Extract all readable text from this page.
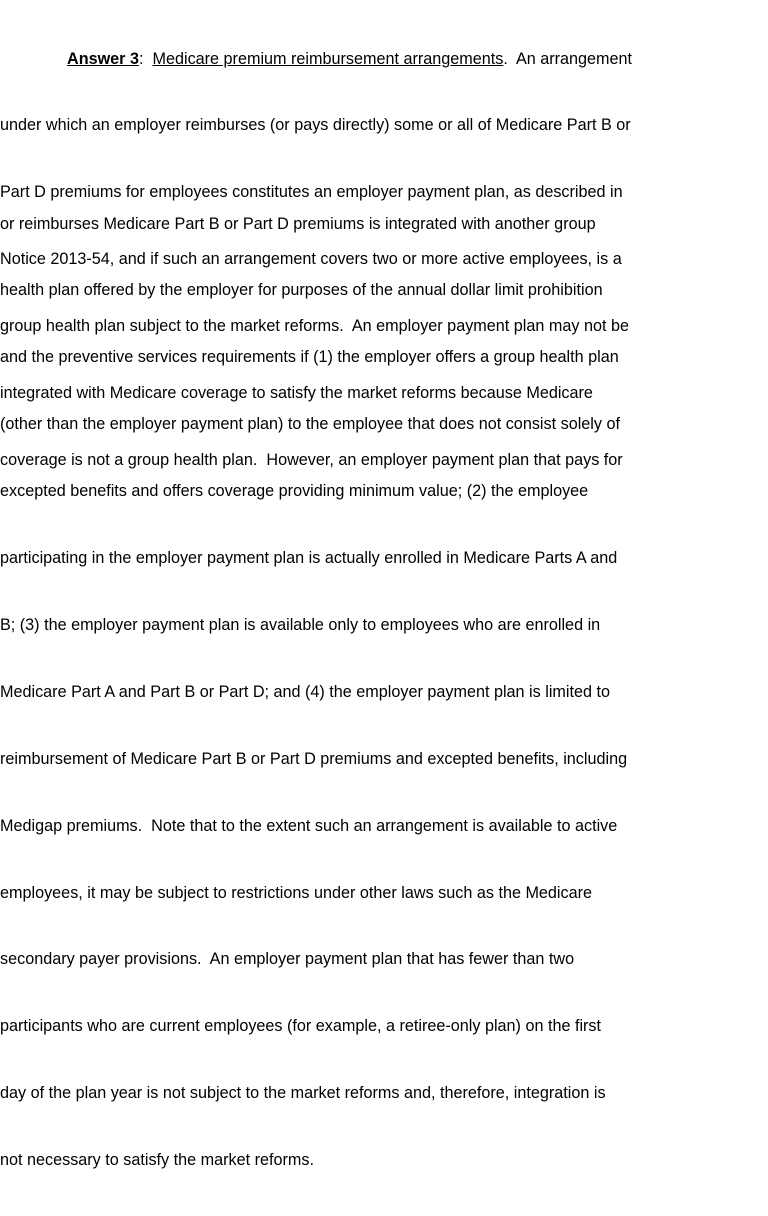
Answer 3: Medicare premium reimbursement arrangements.  An arrangement

under which an employer reimburses (or pays directly) some or all of Medicare Part B or

Part D premiums for employees constitutes an employer payment plan, as described in

Notice 2013-54, and if such an arrangement covers two or more active employees, is a

group health plan subject to the market reforms.  An employer payment plan may not be

integrated with Medicare coverage to satisfy the market reforms because Medicare

coverage is not a group health plan.  However, an employer payment plan that pays for

or reimburses Medicare Part B or Part D premiums is integrated with another group

health plan offered by the employer for purposes of the annual dollar limit prohibition

and the preventive services requirements if (1) the employer offers a group health plan

(other than the employer payment plan) to the employee that does not consist solely of

excepted benefits and offers coverage providing minimum value; (2) the employee

participating in the employer payment plan is actually enrolled in Medicare Parts A and

B; (3) the employer payment plan is available only to employees who are enrolled in

Medicare Part A and Part B or Part D; and (4) the employer payment plan is limited to

reimbursement of Medicare Part B or Part D premiums and excepted benefits, including

Medigap premiums.  Note that to the extent such an arrangement is available to active

employees, it may be subject to restrictions under other laws such as the Medicare

secondary payer provisions.  An employer payment plan that has fewer than two

participants who are current employees (for example, a retiree-only plan) on the first

day of the plan year is not subject to the market reforms and, therefore, integration is

not necessary to satisfy the market reforms.
